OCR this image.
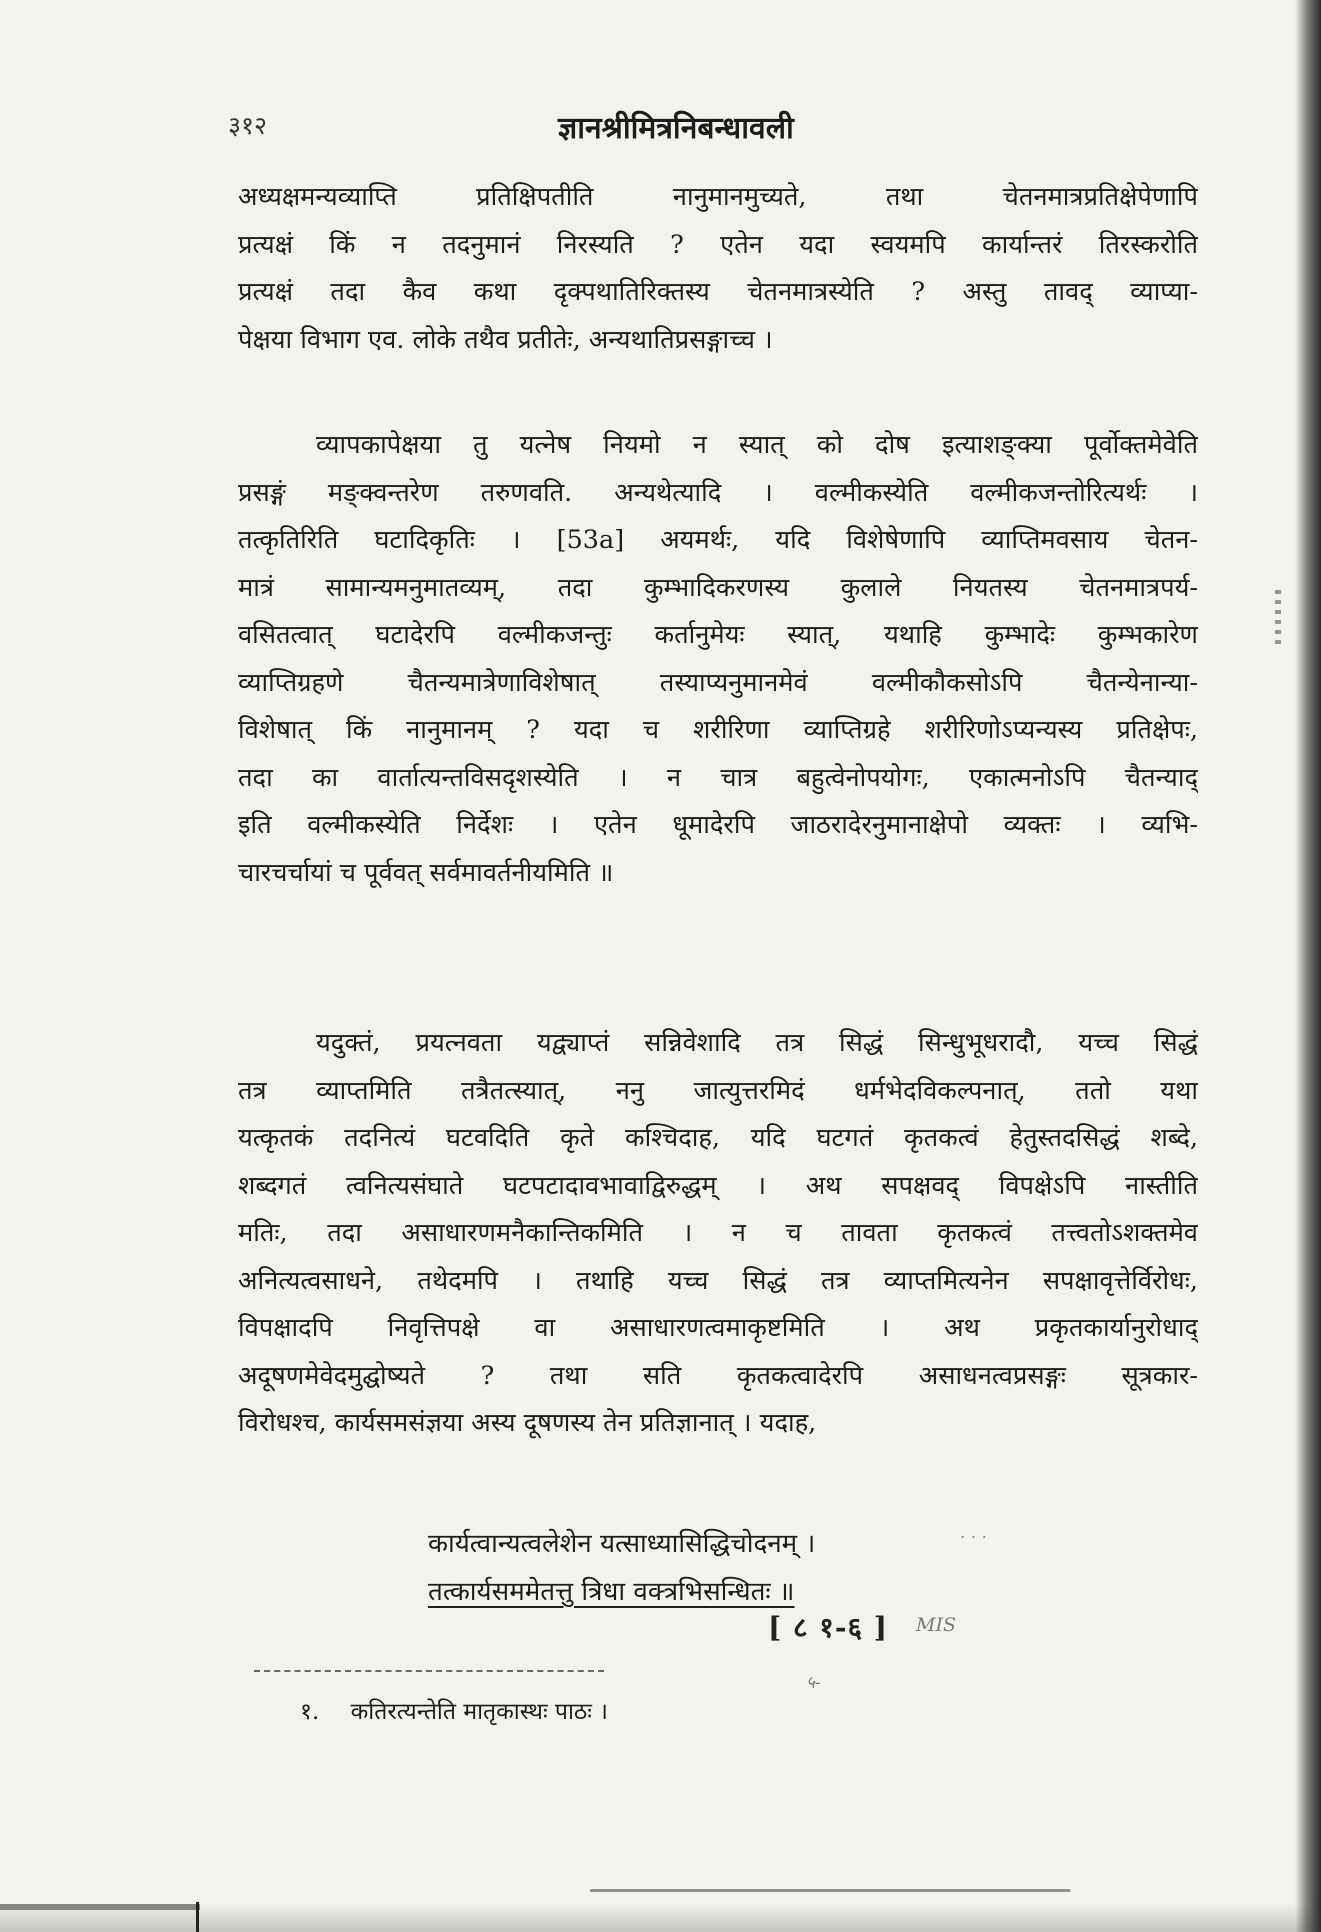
३१२	ज्ञानश्रीमित्रनिबन्धावली

अध्यक्षमन्यव्याप्ति प्रतिक्षिपतीति नानुमानमुच्यते, तथा चेतनमात्रप्रतिक्षेपेणापि
प्रत्यक्षं किं न तदनुमानं निरस्यति ? एतेन यदा स्वयमपि कार्यान्तरं तिरस्करोति
प्रत्यक्षं तदा कैव कथा दृक्पथातिरिक्तस्य चेतनमात्रस्येति ? अस्तु तावद् व्याप्या-
पेक्षया विभाग एव. लोके तथैव प्रतीतेः, अन्यथातिप्रसङ्गाच्च ।

व्यापकापेक्षया तु यत्नेष नियमो न स्यात् को दोष इत्याशङ्क्या पूर्वोक्तमेवेति
प्रसङ्गं मङ्क्वन्तरेण तरुणवति. अन्यथेत्यादि । वल्मीकस्येति वल्मीकजन्तोरित्यर्थः ।
तत्कृतिरिति घटादिकृतिः । [53a] अयमर्थः, यदि विशेषेणापि व्याप्तिमवसाय चेतन-
मात्रं सामान्यमनुमातव्यम्, तदा कुम्भादिकरणस्य कुलाले नियतस्य चेतनमात्रपर्य-
वसितत्वात् घटादेरपि वल्मीकजन्तुः कर्तानुमेयः स्यात्, यथाहि कुम्भादेः कुम्भकारेण
व्याप्तिग्रहणे चैतन्यमात्रेणाविशेषात् तस्याप्यनुमानमेवं वल्मीकौकसोऽपि चैतन्येनान्या-
विशेषात् किं नानुमानम् ? यदा च शरीरिणा व्याप्तिग्रहे शरीरिणोऽप्यन्यस्य प्रतिक्षेपः,
तदा का वार्तात्यन्तविसदृशस्येति । न चात्र बहुत्वेनोपयोगः, एकात्मनोऽपि चैतन्याद्
इति वल्मीकस्येति निर्देशः । एतेन धूमादेरपि जाठरादेरनुमानाक्षेपो व्यक्तः । व्यभि-
चारचर्चायां च पूर्ववत् सर्वमावर्तनीयमिति ॥

यदुक्तं, प्रयत्नवता यद्व्याप्तं सन्निवेशादि तत्र सिद्धं सिन्धुभूधरादौ, यच्च सिद्धं
तत्र व्याप्तमिति तत्रैतत्स्यात्, ननु जात्युत्तरमिदं धर्मभेदविकल्पनात्, ततो यथा
यत्कृतकं तदनित्यं घटवदिति कृते कश्चिदाह, यदि घटगतं कृतकत्वं हेतुस्तदसिद्धं शब्दे,
शब्दगतं त्वनित्यसंघाते घटपटादावभावाद्विरुद्धम् । अथ सपक्षवद् विपक्षेऽपि नास्तीति
मतिः, तदा असाधारणमनैकान्तिकमिति । न च तावता कृतकत्वं तत्त्वतोऽशक्तमेव
अनित्यत्वसाधने, तथेदमपि । तथाहि यच्च सिद्धं तत्र व्याप्तमित्यनेन सपक्षावृत्तेर्विरोधः,
विपक्षादपि निवृत्तिपक्षे वा असाधारणत्वमाकृष्टमिति । अथ प्रकृतकार्यानुरोधाद्
अदूषणमेवेदमुद्घोष्यते ? तथा सति कृतकत्वादेरपि असाधनत्वप्रसङ्गः सूत्रकार-
विरोधश्च, कार्यसमसंज्ञया अस्य दूषणस्य तेन प्रतिज्ञानात् । यदाह,

कार्यत्वान्यत्वलेशेन यत्साध्यासिद्धिचोदनम् ।
तत्कार्यसममेतत्तु त्रिधा वक्त्रभिसन्धितः ॥
[ ८ १-६ ]
· · ·
MIS
५-
१. कतिरत्यन्तेति मातृकास्थः पाठः ।
